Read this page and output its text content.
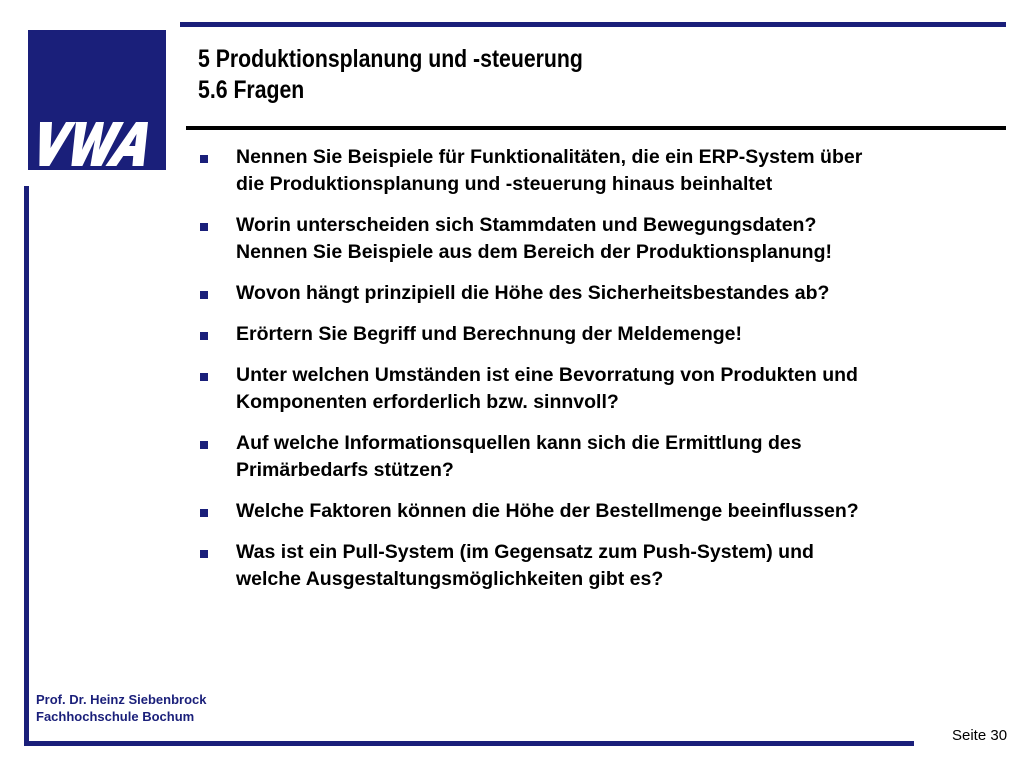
5 Produktionsplanung und -steuerung
5.6 Fragen
Nennen Sie Beispiele für Funktionalitäten, die ein ERP-System über
die Produktionsplanung und -steuerung hinaus beinhaltet
Worin unterscheiden sich Stammdaten und Bewegungsdaten?
Nennen Sie Beispiele aus dem Bereich der Produktionsplanung!
Wovon hängt prinzipiell die Höhe des Sicherheitsbestandes ab?
Erörtern Sie Begriff und Berechnung der Meldemenge!
Unter welchen Umständen ist eine Bevorratung von Produkten und
Komponenten erforderlich bzw. sinnvoll?
Auf welche Informationsquellen kann sich die Ermittlung des
Primärbedarfs stützen?
Welche Faktoren können die Höhe der Bestellmenge beeinflussen?
Was ist ein Pull-System (im Gegensatz zum Push-System) und
welche Ausgestaltungsmöglichkeiten gibt es?
Prof. Dr. Heinz Siebenbrock
Fachhochschule Bochum
Seite 30
